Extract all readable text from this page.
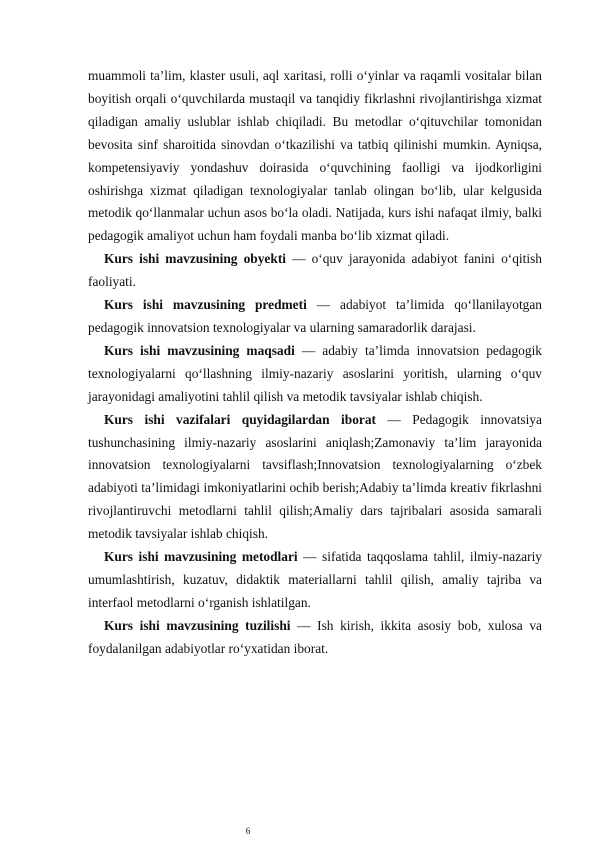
muammoli ta’lim, klaster usuli, aql xaritasi, rolli o‘yinlar va raqamli vositalar bilan boyitish orqali o‘quvchilarda mustaqil va tanqidiy fikrlashni rivojlantirishga xizmat qiladigan amaliy uslublar ishlab chiqiladi. Bu metodlar o‘qituvchilar tomonidan bevosita sinf sharoitida sinovdan o‘tkazilishi va tatbiq qilinishi mumkin. Ayniqsa, kompetensiyaviy yondashuv doirasida o‘quvchining faolligi va ijodkorligini oshirishga xizmat qiladigan texnologiyalar tanlab olingan bo‘lib, ular kelgusida metodik qo‘llanmalar uchun asos bo‘la oladi. Natijada, kurs ishi nafaqat ilmiy, balki pedagogik amaliyot uchun ham foydali manba bo‘lib xizmat qiladi.

Kurs ishi mavzusining obyekti — o‘quv jarayonida adabiyot fanini o‘qitish faoliyati.

Kurs ishi mavzusining predmeti — adabiyot ta’limida qo‘llanilayotgan pedagogik innovatsion texnologiyalar va ularning samaradorlik darajasi.

Kurs ishi mavzusining maqsadi — adabiy ta’limda innovatsion pedagogik texnologiyalarni qo‘llashning ilmiy-nazariy asoslarini yoritish, ularning o‘quv jarayonidagi amaliyotini tahlil qilish va metodik tavsiyalar ishlab chiqish.

Kurs ishi vazifalari quyidagilardan iborat — Pedagogik innovatsiya tushunchasining ilmiy-nazariy asoslarini aniqlash;Zamonaviy ta’lim jarayonida innovatsion texnologiyalarni tavsiflash;Innovatsion texnologiyalarning o‘zbek adabiyoti ta’limidagi imkoniyatlarini ochib berish;Adabiy ta’limda kreativ fikrlashni rivojlantiruvchi metodlarni tahlil qilish;Amaliy dars tajribalari asosida samarali metodik tavsiyalar ishlab chiqish.

Kurs ishi mavzusining metodlari — sifatida taqqoslama tahlil, ilmiy-nazariy umumlashtirish, kuzatuv, didaktik materiallarni tahlil qilish, amaliy tajriba va interfaol metodlarni o‘rganish ishlatilgan.

Kurs ishi mavzusining tuzilishi — Ish kirish, ikkita asosiy bob, xulosa va foydalanilgan adabiyotlar ro‘yxatidan iborat.

6
